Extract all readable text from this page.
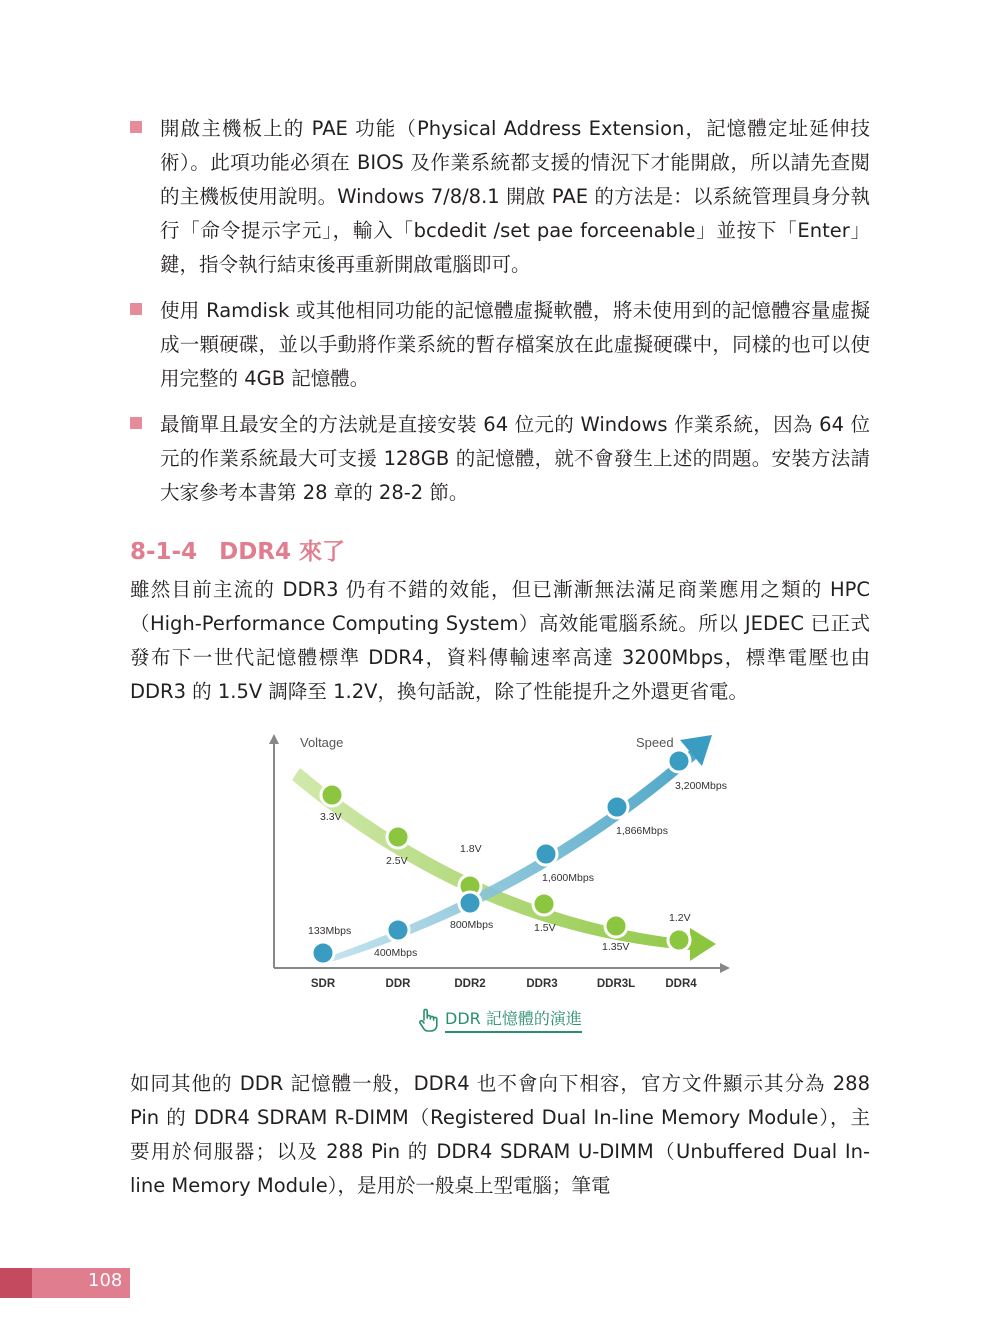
開啟主機板上的 PAE 功能（Physical Address Extension，記憶體定址延伸技術）。此項功能必須在 BIOS 及作業系統都支援的情況下才能開啟，所以請先查閱的主機板使用說明。Windows 7/8/8.1 開啟 PAE 的方法是：以系統管理員身分執行「命令提示字元」，輸入「bcdedit /set pae forceenable」並按下「Enter」鍵，指令執行結束後再重新開啟電腦即可。
使用 Ramdisk 或其他相同功能的記憶體虛擬軟體，將未使用到的記憶體容量虛擬成一顆硬碟，並以手動將作業系統的暫存檔案放在此虛擬硬碟中，同樣的也可以使用完整的 4GB 記憶體。
最簡單且最安全的方法就是直接安裝 64 位元的 Windows 作業系統，因為 64 位元的作業系統最大可支援 128GB 的記憶體，就不會發生上述的問題。安裝方法請大家參考本書第 28 章的 28-2 節。
8-1-4 DDR4 來了
雖然目前主流的 DDR3 仍有不錯的效能，但已漸漸無法滿足商業應用之類的 HPC（High-Performance Computing System）高效能電腦系統。所以 JEDEC 已正式發布下一世代記憶體標準 DDR4，資料傳輸速率高達 3200Mbps，標準電壓也由 DDR3 的 1.5V 調降至 1.2V，換句話說，除了性能提升之外還更省電。
Voltage	Speed
3.3V
2.5V
1.8V
1.5V
1.35V
1.2V
133Mbps
400Mbps
800Mbps
1,600Mbps
1,866Mbps
3,200Mbps
SDR	DDR	DDR2	DDR3	DDR3L	DDR4
DDR 記憶體的演進
如同其他的 DDR 記憶體一般，DDR4 也不會向下相容，官方文件顯示其分為 288 Pin 的 DDR4 SDRAM R-DIMM（Registered Dual In-line Memory Module），主要用於伺服器；以及 288 Pin 的 DDR4 SDRAM U-DIMM（Unbuffered Dual In-line Memory Module），是用於一般桌上型電腦；筆電
108
